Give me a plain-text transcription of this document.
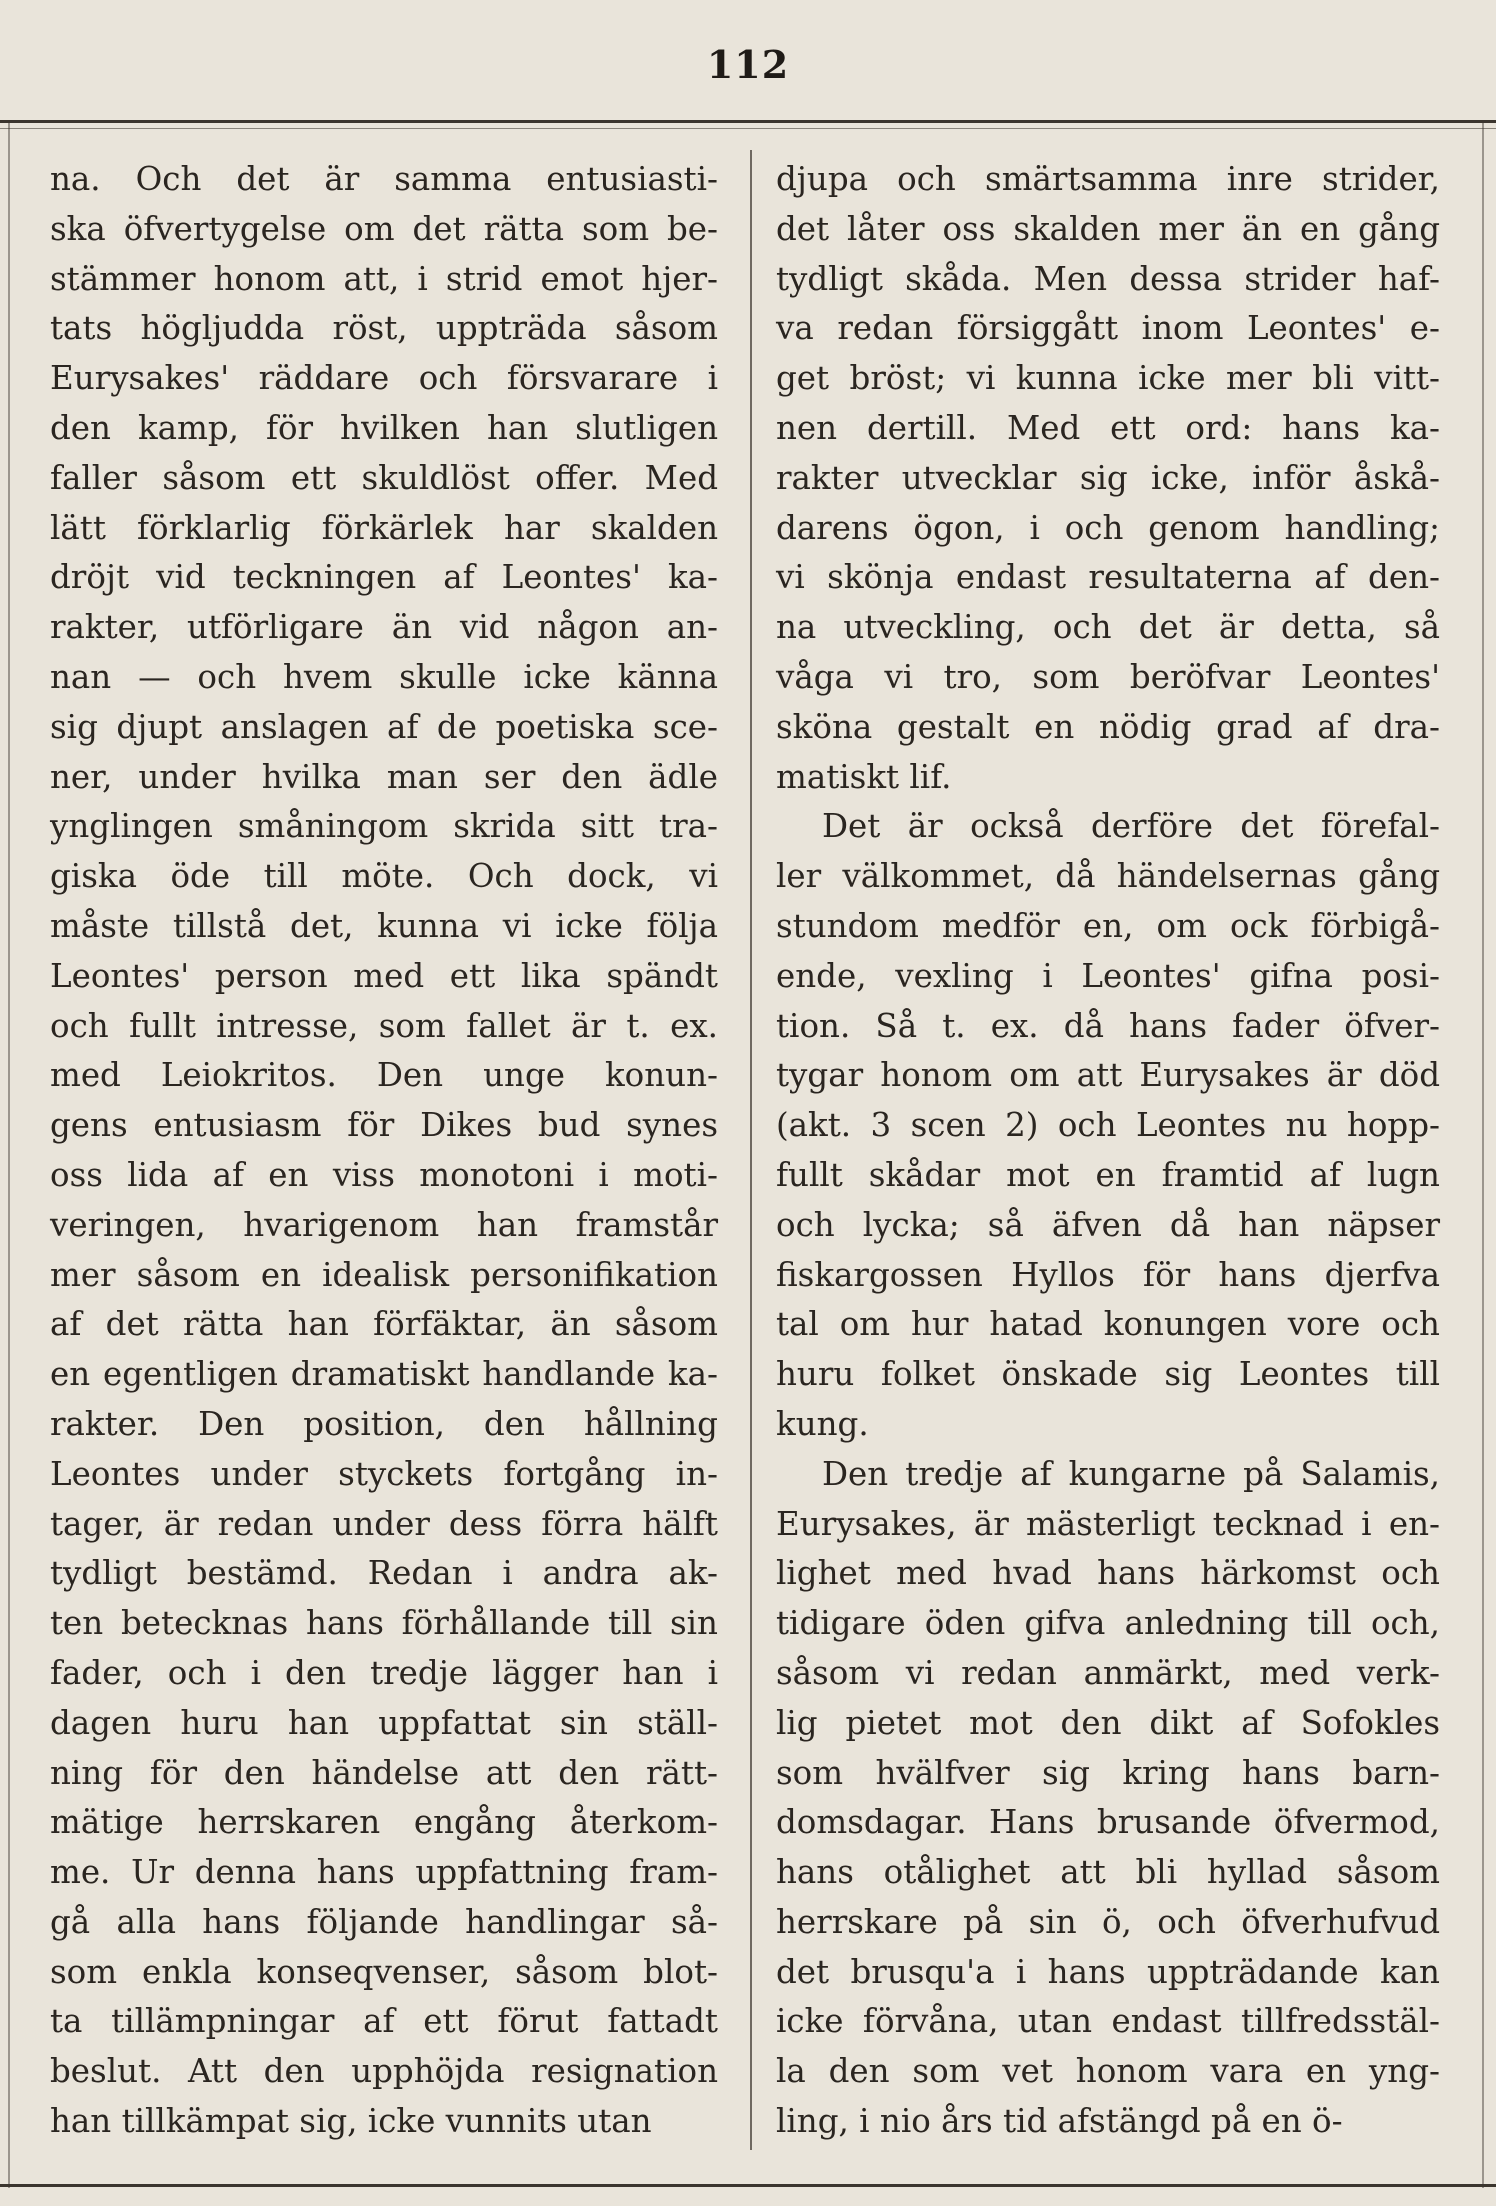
112
na. Och det är samma entusiasti-
ska öfvertygelse om det rätta som be-
stämmer honom att, i strid emot hjer-
tats högljudda röst, uppträda såsom
Eurysakes' räddare och försvarare i
den kamp, för hvilken han slutligen
faller såsom ett skuldlöst offer. Med
lätt förklarlig förkärlek har skalden
dröjt vid teckningen af Leontes' ka-
rakter, utförligare än vid någon an-
nan — och hvem skulle icke känna
sig djupt anslagen af de poetiska sce-
ner, under hvilka man ser den ädle
ynglingen småningom skrida sitt tra-
giska öde till möte. Och dock, vi
måste tillstå det, kunna vi icke följa
Leontes' person med ett lika spändt
och fullt intresse, som fallet är t. ex.
med Leiokritos. Den unge konun-
gens entusiasm för Dikes bud synes
oss lida af en viss monotoni i moti-
veringen, hvarigenom han framstår
mer såsom en idealisk personifikation
af det rätta han förfäktar, än såsom
en egentligen dramatiskt handlande ka-
rakter. Den position, den hållning
Leontes under styckets fortgång in-
tager, är redan under dess förra hälft
tydligt bestämd. Redan i andra ak-
ten betecknas hans förhållande till sin
fader, och i den tredje lägger han i
dagen huru han uppfattat sin ställ-
ning för den händelse att den rätt-
mätige herrskaren engång återkom-
me. Ur denna hans uppfattning fram-
gå alla hans följande handlingar så-
som enkla konseqvenser, såsom blot-
ta tillämpningar af ett förut fattadt
beslut. Att den upphöjda resignation
han tillkämpat sig, icke vunnits utan
djupa och smärtsamma inre strider,
det låter oss skalden mer än en gång
tydligt skåda. Men dessa strider haf-
va redan försiggått inom Leontes' e-
get bröst; vi kunna icke mer bli vitt-
nen dertill. Med ett ord: hans ka-
rakter utvecklar sig icke, inför åskå-
darens ögon, i och genom handling;
vi skönja endast resultaterna af den-
na utveckling, och det är detta, så
våga vi tro, som beröfvar Leontes'
sköna gestalt en nödig grad af dra-
matiskt lif.
Det är också derföre det förefal-
ler välkommet, då händelsernas gång
stundom medför en, om ock förbigå-
ende, vexling i Leontes' gifna posi-
tion. Så t. ex. då hans fader öfver-
tygar honom om att Eurysakes är död
(akt. 3 scen 2) och Leontes nu hopp-
fullt skådar mot en framtid af lugn
och lycka; så äfven då han näpser
fiskargossen Hyllos för hans djerfva
tal om hur hatad konungen vore och
huru folket önskade sig Leontes till
kung.
Den tredje af kungarne på Salamis,
Eurysakes, är mästerligt tecknad i en-
lighet med hvad hans härkomst och
tidigare öden gifva anledning till och,
såsom vi redan anmärkt, med verk-
lig pietet mot den dikt af Sofokles
som hvälfver sig kring hans barn-
domsdagar. Hans brusande öfvermod,
hans otålighet att bli hyllad såsom
herrskare på sin ö, och öfverhufvud
det brusqu'a i hans uppträdande kan
icke förvåna, utan endast tillfredsstäl-
la den som vet honom vara en yng-
ling, i nio års tid afstängd på en ö-
